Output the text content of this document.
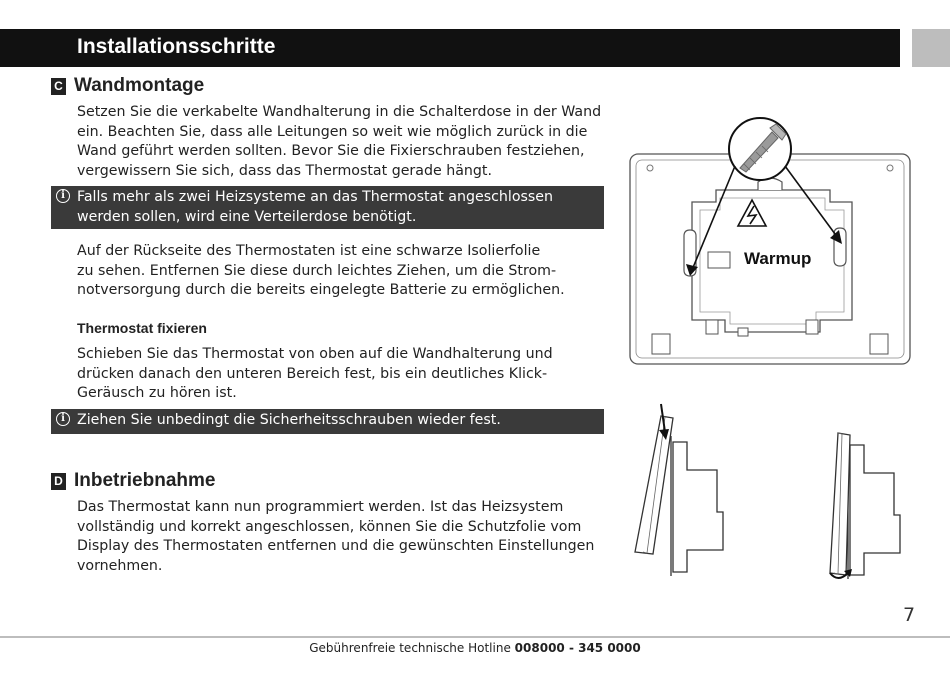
Installationsschritte
C Wandmontage
Setzen Sie die verkabelte Wandhalterung in die Schalterdose in der Wand
ein. Beachten Sie, dass alle Leitungen so weit wie möglich zurück in die
Wand geführt werden sollten. Bevor Sie die Fixierschrauben festziehen,
vergewissern Sie sich, dass das Thermostat gerade hängt.
i Falls mehr als zwei Heizsysteme an das Thermostat angeschlossen
werden sollen, wird eine Verteilerdose benötigt.
Auf der Rückseite des Thermostaten ist eine schwarze Isolierfolie
zu sehen. Entfernen Sie diese durch leichtes Ziehen, um die Strom-
notversorgung durch die bereits eingelegte Batterie zu ermöglichen.
Thermostat fixieren
Schieben Sie das Thermostat von oben auf die Wandhalterung und
drücken danach den unteren Bereich fest, bis ein deutliches Klick-
Geräusch zu hören ist.
i Ziehen Sie unbedingt die Sicherheitsschrauben wieder fest.
D Inbetriebnahme
Das Thermostat kann nun programmiert werden. Ist das Heizsystem
vollständig und korrekt angeschlossen, können Sie die Schutzfolie vom
Display des Thermostaten entfernen und die gewünschten Einstellungen
vornehmen.
Warmup
7
Gebührenfreie technische Hotline 008000 - 345 0000
